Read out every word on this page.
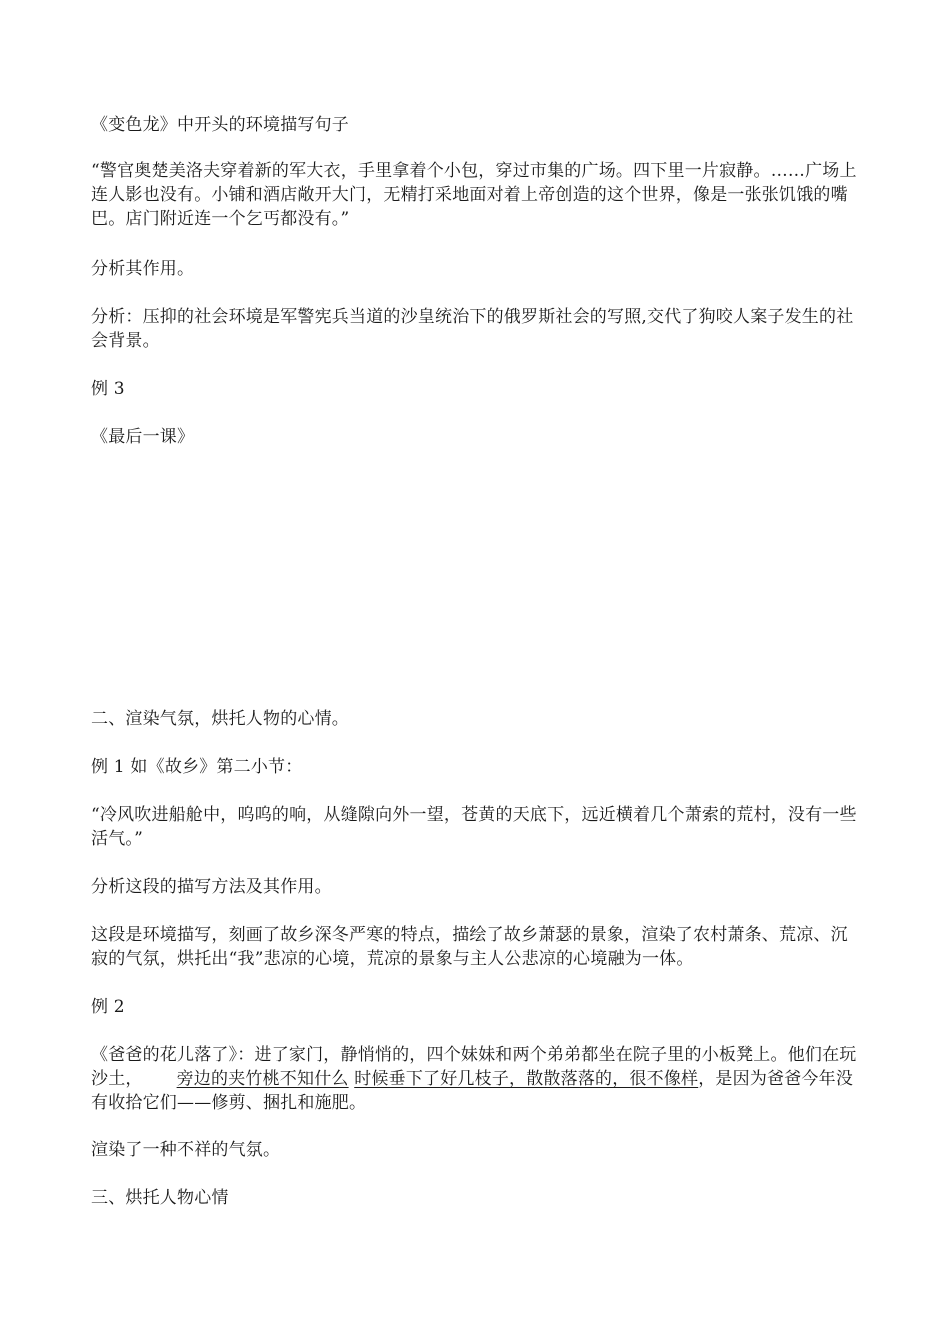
《变色龙》中开头的环境描写句子

“警官奥楚美洛夫穿着新的军大衣，手里拿着个小包，穿过市集的广场。四下里一片寂静。……广场上连人影也没有。小铺和酒店敞开大门，无精打采地面对着上帝创造的这个世界，像是一张张饥饿的嘴巴。店门附近连一个乞丐都没有。”

分析其作用。

分析：压抑的社会环境是军警宪兵当道的沙皇统治下的俄罗斯社会的写照,交代了狗咬人案子发生的社会背景。

例 3

《最后一课》

二、渲染气氛，烘托人物的心情。

例 1 如《故乡》第二小节：

“冷风吹进船舱中，呜呜的响，从缝隙向外一望，苍黄的天底下，远近横着几个萧索的荒村，没有一些活气。”

分析这段的描写方法及其作用。

这段是环境描写，刻画了故乡深冬严寒的特点，描绘了故乡萧瑟的景象，渲染了农村萧条、荒凉、沉寂的气氛，烘托出“我”悲凉的心境，荒凉的景象与主人公悲凉的心境融为一体。

例 2

《爸爸的花儿落了》：进了家门，静悄悄的，四个妹妹和两个弟弟都坐在院子里的小板凳上。他们在玩沙土， 旁边的夹竹桃不知什么 时候垂下了好几枝子，散散落落的，很不像样，是因为爸爸今年没有收拾它们——修剪、捆扎和施肥。

渲染了一种不祥的气氛。

三、烘托人物心情
